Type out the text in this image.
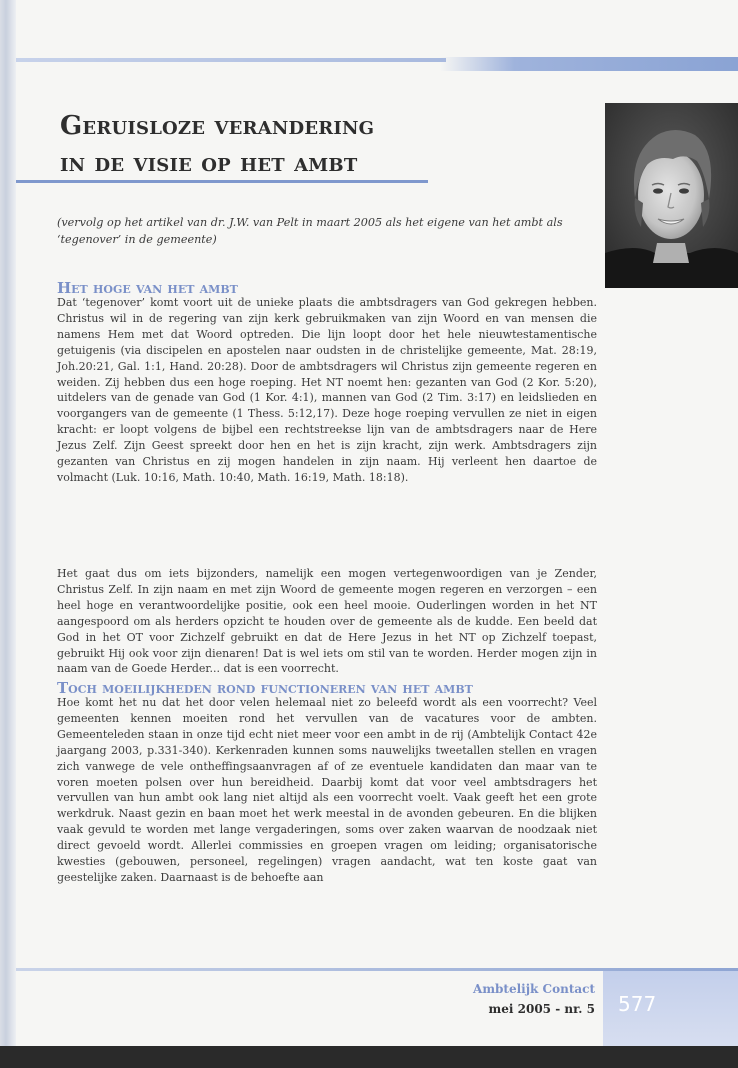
Geruisloze verandering
in de visie op het ambt

(vervolg op het artikel van dr. J.W. van Pelt in maart 2005 als het eigene van het ambt als ‘tegenover’ in de gemeente)

Het hoge van het ambt

Dat ‘tegenover’ komt voort uit de unieke plaats die ambtsdragers van God gekregen hebben. Christus wil in de regering van zijn kerk gebruikmaken van zijn Woord en van mensen die namens Hem met dat Woord optreden. Die lijn loopt door het hele nieuwtestamentische getuigenis (via discipelen en apostelen naar oudsten in de christelijke gemeente, Mat. 28:19, Joh.20:21, Gal. 1:1, Hand. 20:28). Door de ambtsdragers wil Christus zijn gemeente regeren en weiden. Zij hebben dus een hoge roeping. Het NT noemt hen: gezanten van God (2 Kor. 5:20), uitdelers van de genade van God (1 Kor. 4:1), mannen van God (2 Tim. 3:17) en leidslieden en voorgangers van de gemeente (1 Thess. 5:12,17). Deze hoge roeping vervullen ze niet in eigen kracht: er loopt volgens de bijbel een rechtstreekse lijn van de ambtsdragers naar de Here Jezus Zelf. Zijn Geest spreekt door hen en het is zijn kracht, zijn werk. Ambtsdragers zijn gezanten van Christus en zij mogen handelen in zijn naam. Hij verleent hen daartoe de volmacht (Luk. 10:16, Math. 10:40, Math. 16:19, Math. 18:18).

Het gaat dus om iets bijzonders, namelijk een mogen vertegenwoordigen van je Zender, Christus Zelf. In zijn naam en met zijn Woord de gemeente mogen regeren en verzorgen – een heel hoge en verantwoordelijke positie, ook een heel mooie. Ouderlingen worden in het NT aangespoord om als herders opzicht te houden over de gemeente als de kudde. Een beeld dat God in het OT voor Zichzelf gebruikt en dat de Here Jezus in het NT op Zichzelf toepast, gebruikt Hij ook voor zijn dienaren! Dat is wel iets om stil van te worden. Herder mogen zijn in naam van de Goede Herder... dat is een voorrecht.

Toch moeilijkheden rond functioneren van het ambt

Hoe komt het nu dat het door velen helemaal niet zo beleefd wordt als een voorrecht? Veel gemeenten kennen moeiten rond het vervullen van de vacatures voor de ambten. Gemeenteleden staan in onze tijd echt niet meer voor een ambt in de rij (Ambtelijk Contact 42e jaargang 2003, p.331-340). Kerkenraden kunnen soms nauwelijks tweetallen stellen en vragen zich vanwege de vele ontheffingsaanvragen af of ze eventuele kandidaten dan maar van te voren moeten polsen over hun bereidheid. Daarbij komt dat voor veel ambtsdragers het vervullen van hun ambt ook lang niet altijd als een voorrecht voelt. Vaak geeft het een grote werkdruk. Naast gezin en baan moet het werk meestal in de avonden gebeuren. En die blijken vaak gevuld te worden met lange vergaderingen, soms over zaken waarvan de noodzaak niet direct gevoeld wordt. Allerlei commissies en groepen vragen om leiding; organisatorische kwesties (gebouwen, personeel, regelingen) vragen aandacht, wat ten koste gaat van geestelijke zaken. Daarnaast is de behoefte aan

577

Ambtelijk Contact

mei 2005 - nr. 5
